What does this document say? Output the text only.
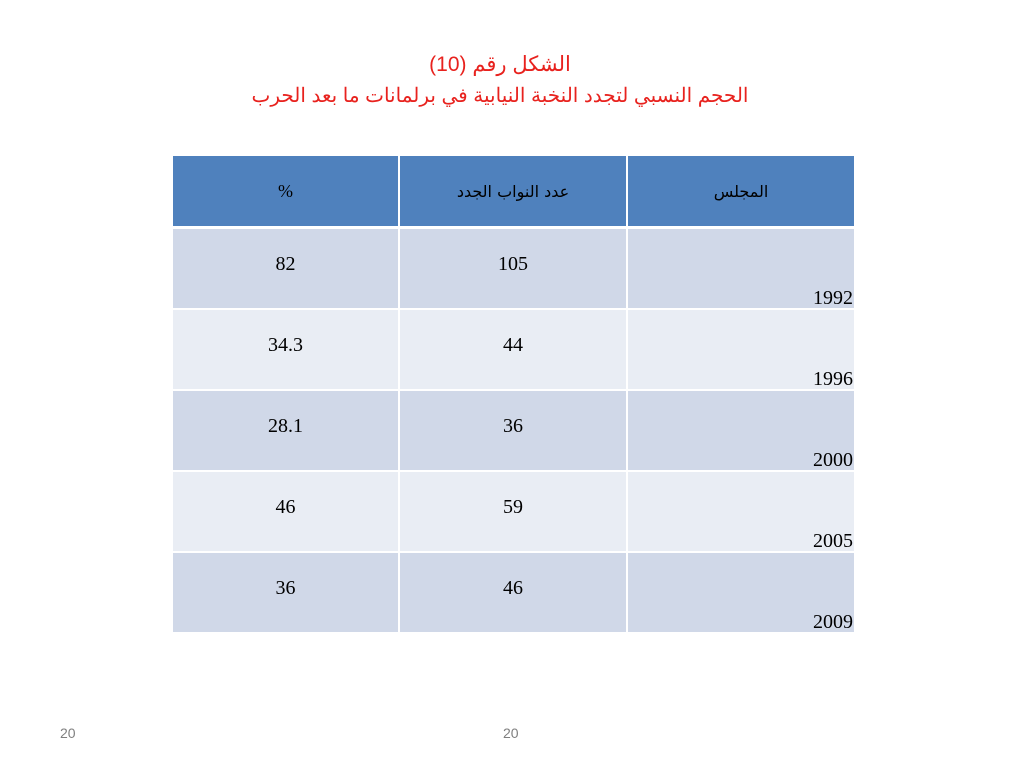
الشكل رقم (10)
الحجم النسبي لتجدد النخبة النيابية في برلمانات ما بعد الحرب
%	عدد النواب الجدد	المجلس
82	105	1992
34.3	44	1996
28.1	36	2000
46	59	2005
36	46	2009
20	20
